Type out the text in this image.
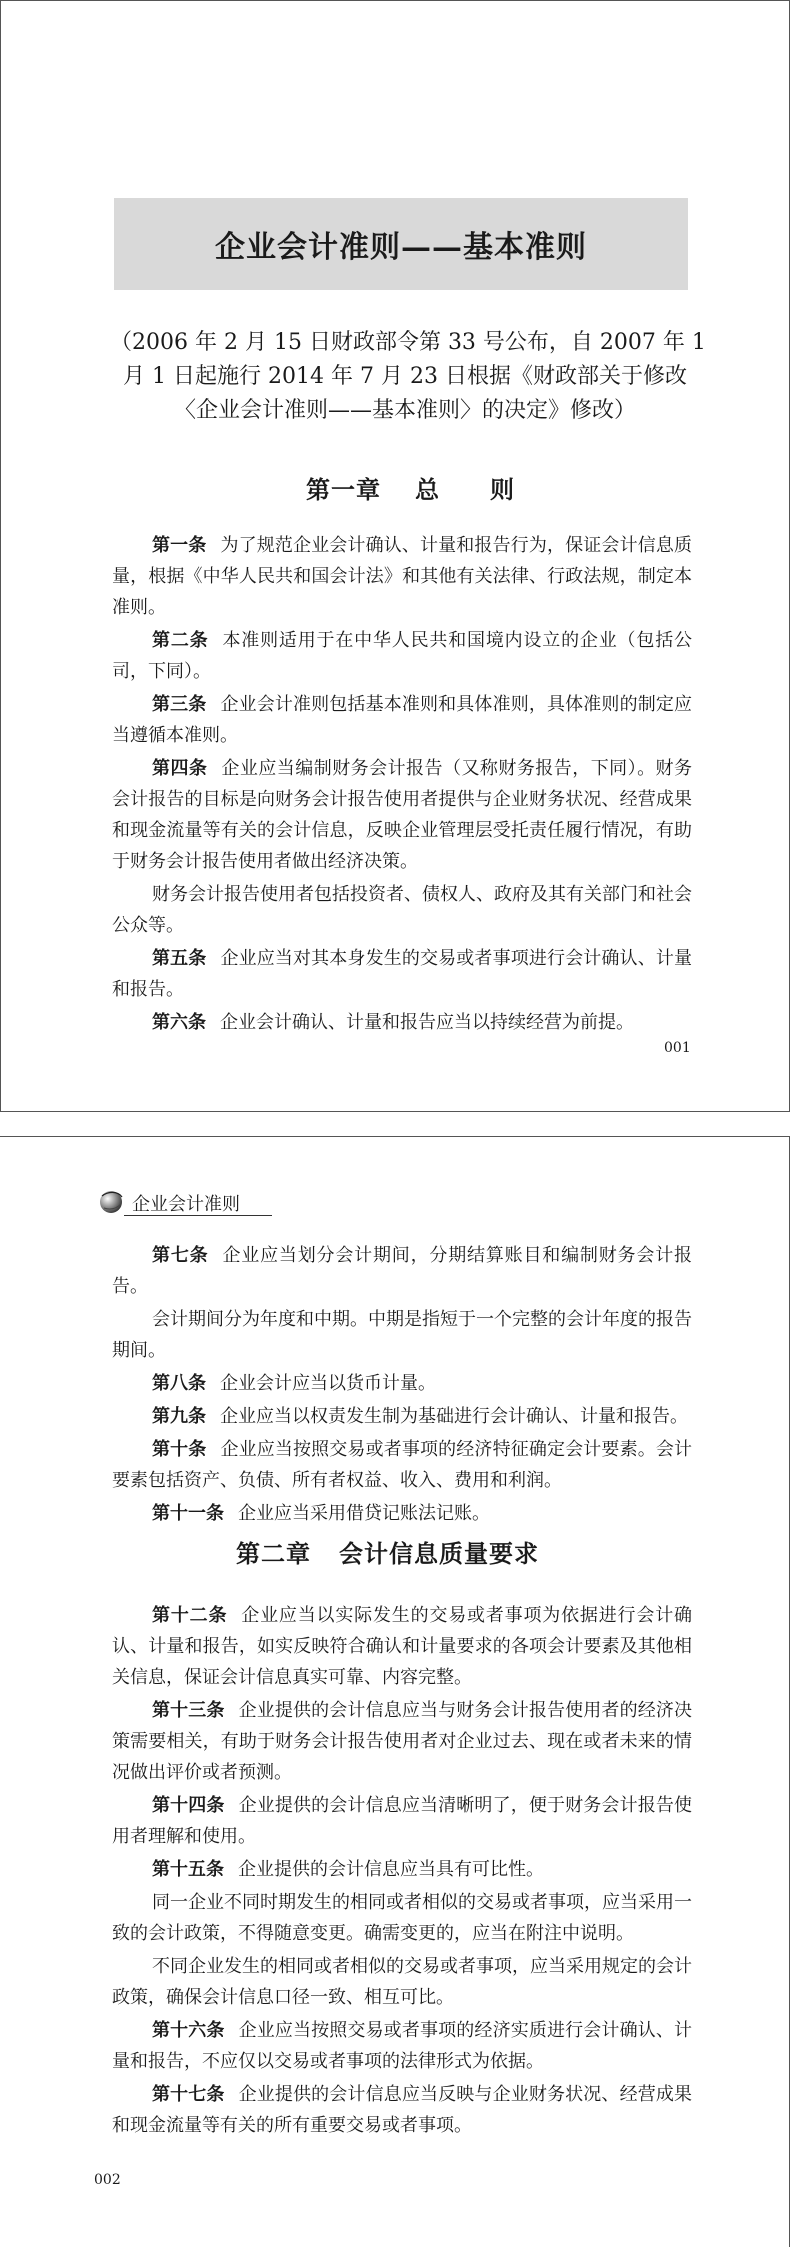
企业会计准则——基本准则
（2006 年 2 月 15 日财政部令第 33 号公布，自 2007 年 1
月 1 日起施行 2014 年 7 月 23 日根据《财政部关于修改
〈企业会计准则——基本准则〉的决定》修改）
第一章 总 则

第一条 为了规范企业会计确认、计量和报告行为，保证会计信息质量，根据《中华人民共和国会计法》和其他有关法律、行政法规，制定本准则。

第二条 本准则适用于在中华人民共和国境内设立的企业（包括公司，下同）。

第三条 企业会计准则包括基本准则和具体准则，具体准则的制定应当遵循本准则。

第四条 企业应当编制财务会计报告（又称财务报告，下同）。财务会计报告的目标是向财务会计报告使用者提供与企业财务状况、经营成果和现金流量等有关的会计信息，反映企业管理层受托责任履行情况，有助于财务会计报告使用者做出经济决策。

财务会计报告使用者包括投资者、债权人、政府及其有关部门和社会公众等。

第五条 企业应当对其本身发生的交易或者事项进行会计确认、计量和报告。

第六条 企业会计确认、计量和报告应当以持续经营为前提。

001
企业会计准则

第七条 企业应当划分会计期间，分期结算账目和编制财务会计报告。

会计期间分为年度和中期。中期是指短于一个完整的会计年度的报告期间。

第八条 企业会计应当以货币计量。

第九条 企业应当以权责发生制为基础进行会计确认、计量和报告。

第十条 企业应当按照交易或者事项的经济特征确定会计要素。会计要素包括资产、负债、所有者权益、收入、费用和利润。

第十一条 企业应当采用借贷记账法记账。

第二章 会计信息质量要求

第十二条 企业应当以实际发生的交易或者事项为依据进行会计确认、计量和报告，如实反映符合确认和计量要求的各项会计要素及其他相关信息，保证会计信息真实可靠、内容完整。

第十三条 企业提供的会计信息应当与财务会计报告使用者的经济决策需要相关，有助于财务会计报告使用者对企业过去、现在或者未来的情况做出评价或者预测。

第十四条 企业提供的会计信息应当清晰明了，便于财务会计报告使用者理解和使用。

第十五条 企业提供的会计信息应当具有可比性。

同一企业不同时期发生的相同或者相似的交易或者事项，应当采用一致的会计政策，不得随意变更。确需变更的，应当在附注中说明。

不同企业发生的相同或者相似的交易或者事项，应当采用规定的会计政策，确保会计信息口径一致、相互可比。

第十六条 企业应当按照交易或者事项的经济实质进行会计确认、计量和报告，不应仅以交易或者事项的法律形式为依据。

第十七条 企业提供的会计信息应当反映与企业财务状况、经营成果和现金流量等有关的所有重要交易或者事项。

002
